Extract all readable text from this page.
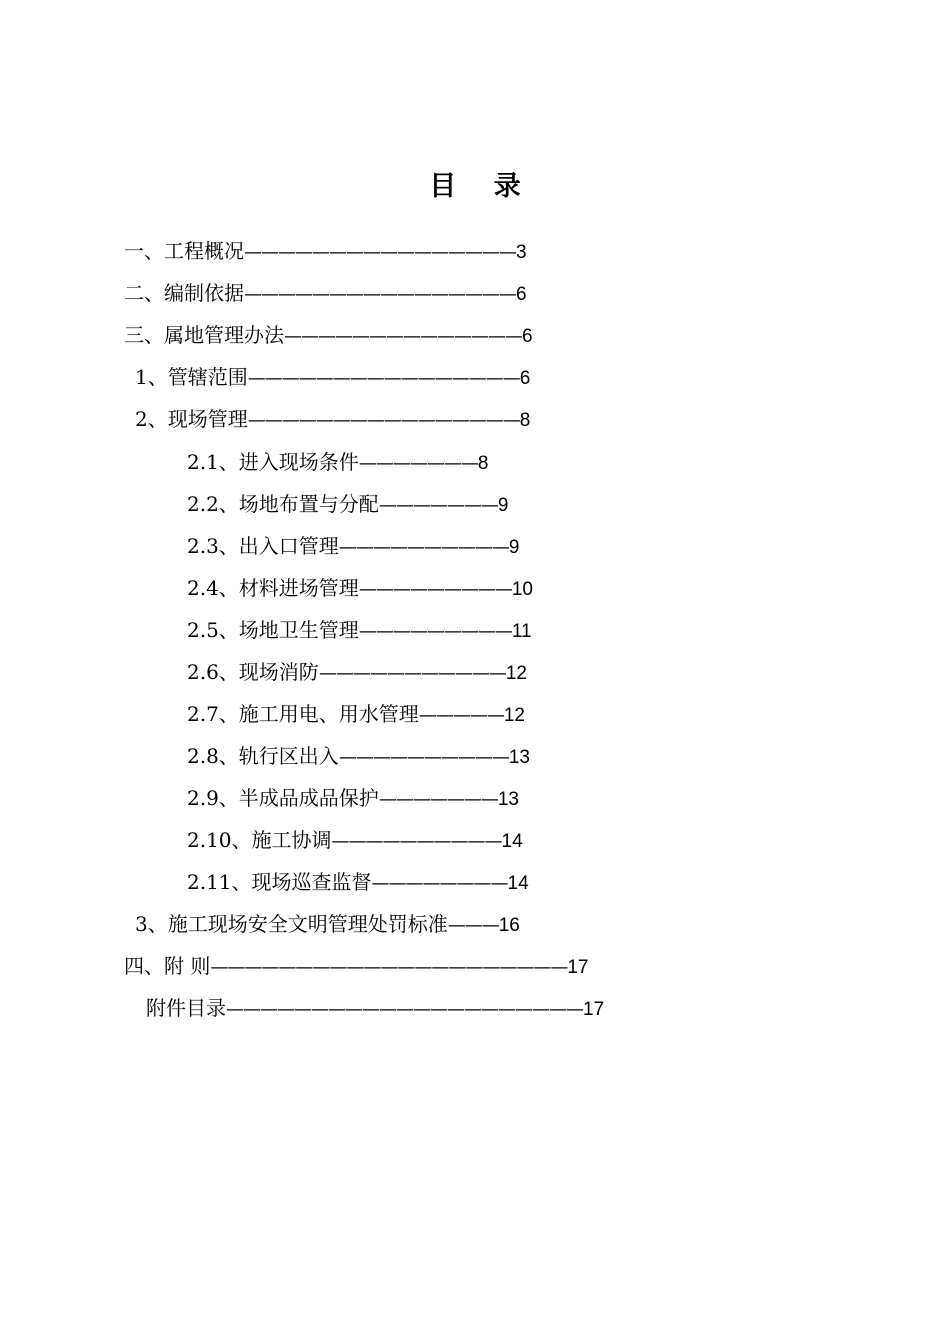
目 录
一、工程概况————————————————3
二、编制依据————————————————6
三、属地管理办法——————————————6
1、管辖范围————————————————6
2、现场管理————————————————8
2.1、进入现场条件———————8
2.2、场地布置与分配———————9
2.3、出入口管理——————————9
2.4、材料进场管理—————————10
2.5、场地卫生管理—————————11
2.6、现场消防———————————12
2.7、施工用电、用水管理—————12
2.8、轨行区出入——————————13
2.9、半成品成品保护———————13
2.10、施工协调——————————14
2.11、现场巡查监督————————14
3、施工现场安全文明管理处罚标准———16
四、附 则—————————————————————17
附件目录—————————————————————17
